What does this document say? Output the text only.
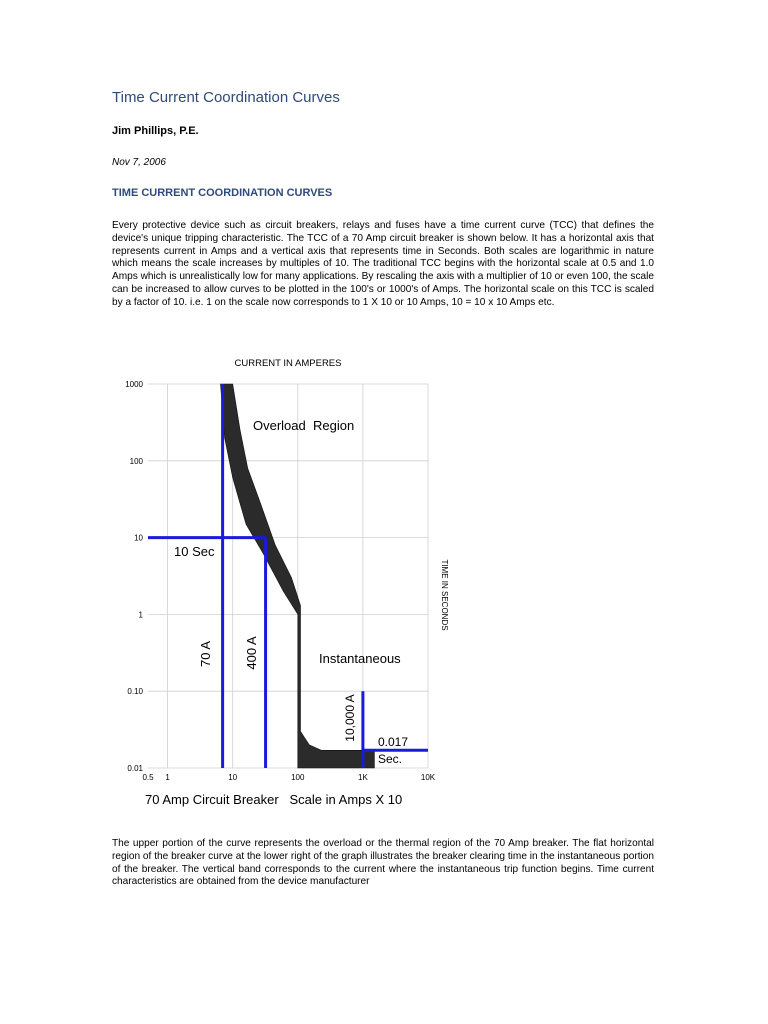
Time Current Coordination Curves
Jim Phillips, P.E.
Nov 7, 2006
TIME CURRENT COORDINATION CURVES

Every protective device such as circuit breakers, relays and fuses have a time current curve (TCC) that defines the device's unique tripping characteristic. The TCC of a 70 Amp circuit breaker is shown below. It has a horizontal axis that represents current in Amps and a vertical axis that represents time in Seconds. Both scales are logarithmic in nature which means the scale increases by multiples of 10. The traditional TCC begins with the horizontal scale at 0.5 and 1.0 Amps which is unrealistically low for many applications. By rescaling the axis with a multiplier of 10 or even 100, the scale can be increased to allow curves to be plotted in the 100's or 1000's of Amps. The horizontal scale on this TCC is scaled by a factor of 10. i.e. 1 on the scale now corresponds to 1 X 10 or 10 Amps, 10 = 10 x 10 Amps etc.

0.5 1	10	100	1K	10K
1000
100
10
1
0.10
0.01
CURRENT IN AMPERES
TIME IN SECONDS
70 Amp Circuit Breaker   Scale in Amps X 10
Overload  Region
Instantaneous
10 Sec
0.017
Sec.
70 A 400 A
10,000 A

The upper portion of the curve represents the overload or the thermal region of the 70 Amp breaker. The flat horizontal region of the breaker curve at the lower right of the graph illustrates the breaker clearing time in the instantaneous portion of the breaker. The vertical band corresponds to the current where the instantaneous trip function begins. Time current characteristics are obtained from the device manufacturer
